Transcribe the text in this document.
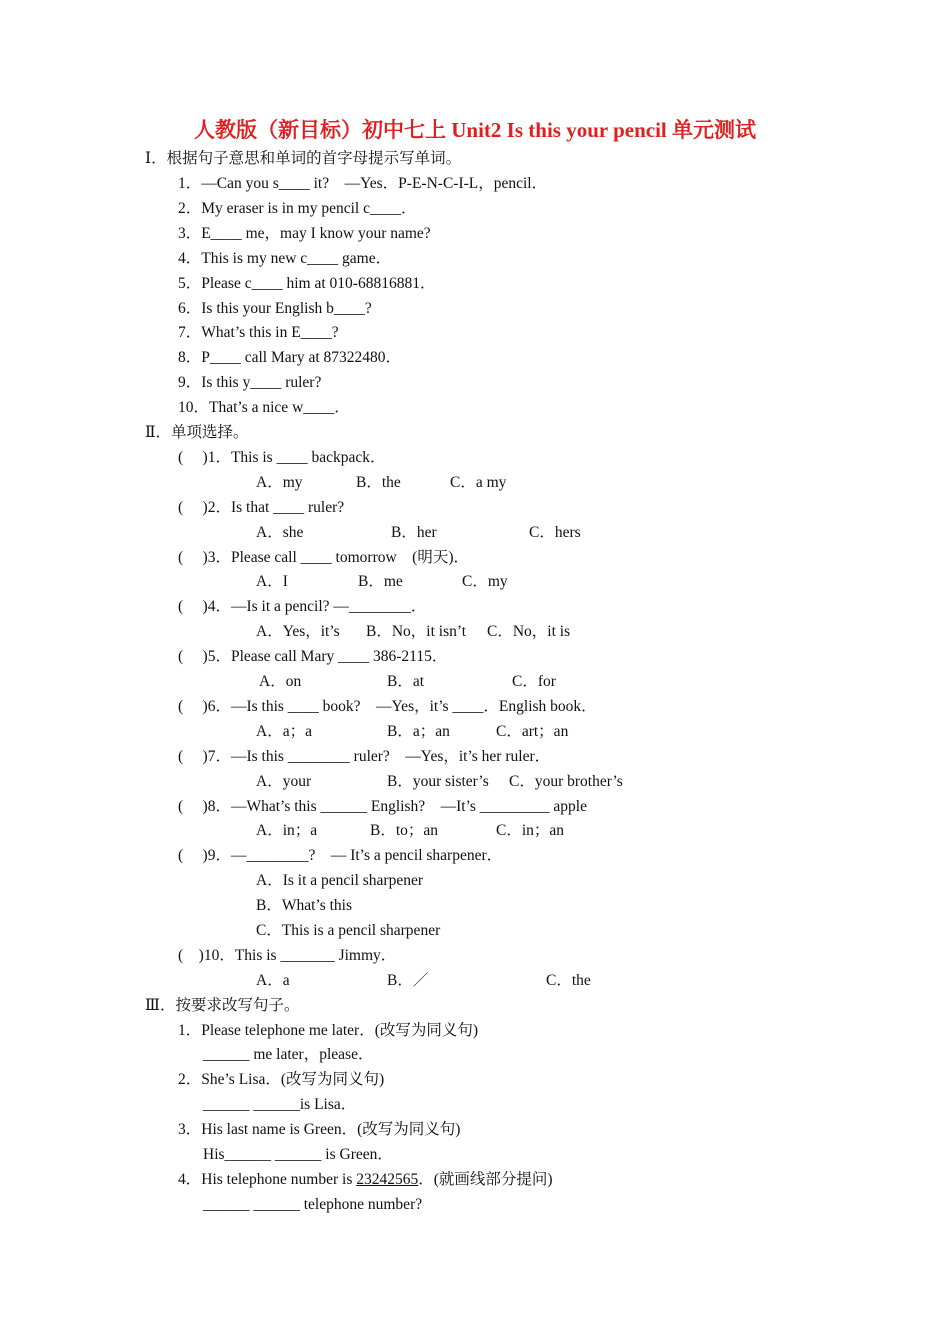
人教版（新目标）初中七上 Unit2 Is this your pencil 单元测试
Ⅰ．根据句子意思和单词的首字母提示写单词。
1．—Can you s____ it?　—Yes．P-E-N-C-I-L，pencil．
2．My eraser is in my pencil c____．
3．E____ me，may I know your name?
4．This is my new c____ game．
5．Please c____ him at 010-68816881．
6．Is this your English b____?
7．What’s this in E____?
8．P____ call Mary at 87322480．
9．Is this y____ ruler?
10．That’s a nice w____．
Ⅱ．单项选择。
(　 )1．This is ____ backpack．
A．my	B．the	C．a my
(　 )2．Is that ____ ruler?
A．she	B．her	C．hers
(　 )3．Please call ____ tomorrow　(明天)．
A．I	B．me	C．my
(　 )4．—Is it a pencil? —________．
A．Yes，it’s B．No，it isn’t C．No，it is
(　 )5．Please call Mary ____ 386-2115．
A．on	B．at	C．for
(　 )6．—Is this ____ book?　—Yes，it’s ____．English book．
A．a；a	B．a；an	C．art；an
(　 )7．—Is this ________ ruler?　—Yes，it’s her ruler．
A．your	B．your sister’s C．your brother’s
(　 )8．—What’s this ______ English?　—It’s _________ apple
A．in；a	B．to；an	C．in；an
(　 )9．—________?　— It’s a pencil sharpener．
A．Is it a pencil sharpener
B．What’s this
C．This is a pencil sharpener
(　)10．This is _______ Jimmy．
A．a	B．／	C．the
Ⅲ．按要求改写句子。
1．Please telephone me later．(改写为同义句)
______ me later，please．
2．She’s Lisa．(改写为同义句)
______ ______is Lisa．
3．His last name is Green．(改写为同义句)
His______ ______ is Green．
4．His telephone number is 23242565．(就画线部分提问)
______ ______ telephone number?
